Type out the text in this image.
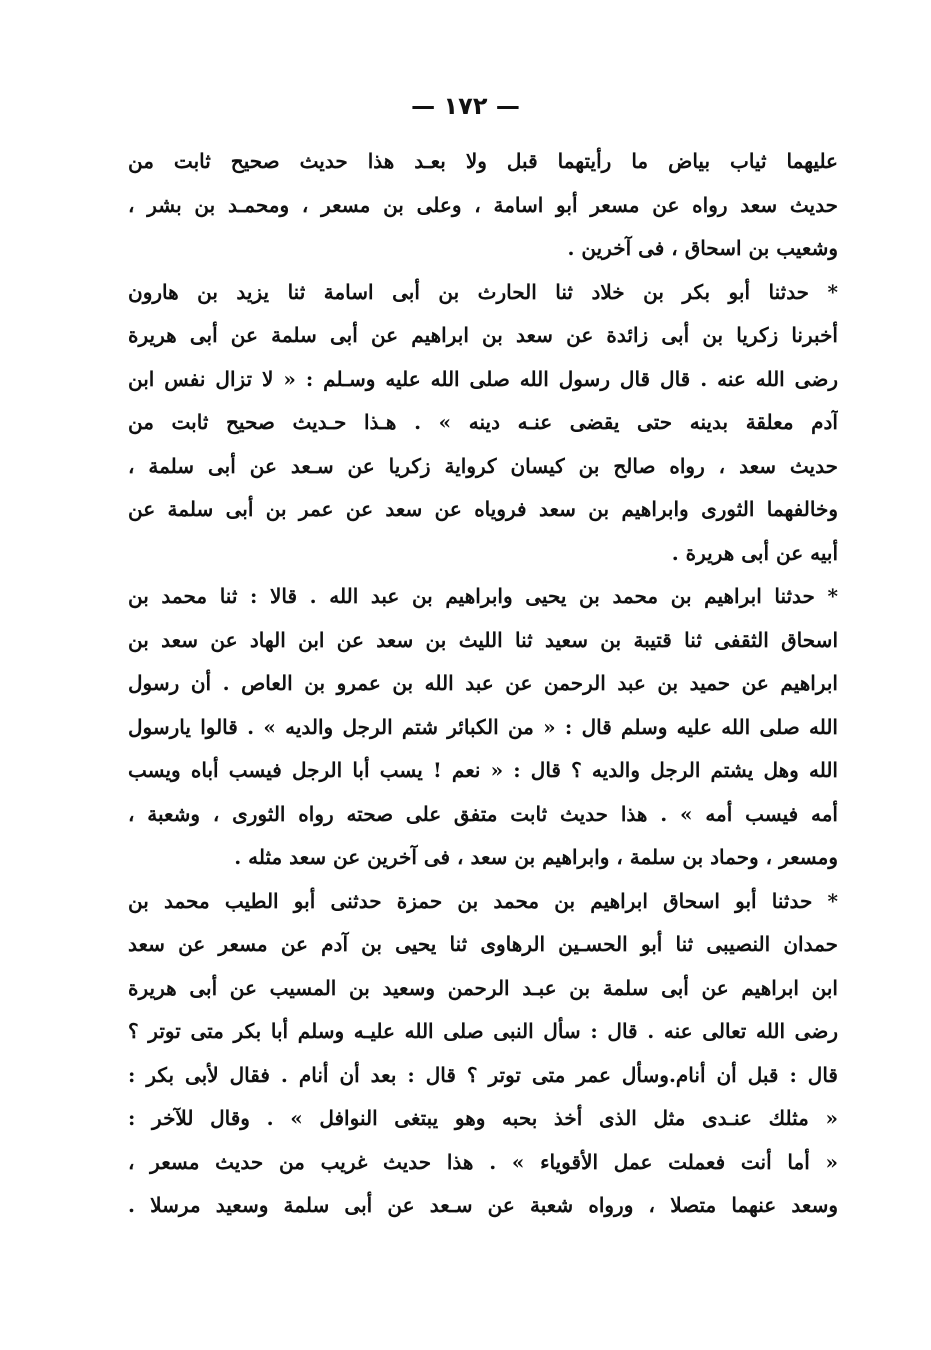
— ١٧٢ —
عليهما ثياب بياض ما رأيتهما قبل ولا بعـد هذا حديث صحيح ثابت من
حديث سعد رواه عن مسعر أبو اسامة ، وعلى بن مسعر ، ومحمـد بن بشر ،
وشعيب بن اسحاق ، فى آخرين .
* حدثنا أبو بكر بن خلاد ثنا الحارث بن أبى اسامة ثنا يزيد بن هارون
أخبرنا زكريا بن أبى زائدة عن سعد بن ابراهيم عن أبى سلمة عن أبى هريرة
رضى الله عنه . قال قال رسول الله صلى الله عليه وسـلم : « لا تزال نفس ابن
آدم معلقة بدينه حتى يقضى عنـه دينه » . هـذا حـديث صحيح ثابت من
حديث سعد ، رواه صالح بن كيسان كرواية زكريا عن سـعد عن أبى سلمة ،
وخالفهما الثورى وابراهيم بن سعد فروياه عن سعد عن عمر بن أبى سلمة عن
أبيه عن أبى هريرة .
* حدثنا ابراهيم بن محمد بن يحيى وابراهيم بن عبد الله . قالا : ثنا محمد بن
اسحاق الثقفى ثنا قتيبة بن سعيد ثنا الليث بن سعد عن ابن الهاد عن سعد بن
ابراهيم عن حميد بن عبد الرحمن عن عبد الله بن عمرو بن العاص . أن رسول
الله صلى الله عليه وسلم قال : « من الكبائر شتم الرجل والديه » . قالوا يارسول
الله وهل يشتم الرجل والديه ؟ قال : « نعم ! يسب أبا الرجل فيسب أباه ويسب
أمه فيسب أمه » . هذا حديث ثابت متفق على صحته رواه الثورى ، وشعبة ،
ومسعر ، وحماد بن سلمة ، وابراهيم بن سعد ، فى آخرين عن سعد مثله .
* حدثنا أبو اسحاق ابراهيم بن محمد بن حمزة حدثنى أبو الطيب محمد بن
حمدان النصيبى ثنا أبو الحسـين الرهاوى ثنا يحيى بن آدم عن مسعر عن سعد
ابن ابراهيم عن أبى سلمة بن عبـد الرحمن وسعيد بن المسيب عن أبى هريرة
رضى الله تعالى عنه . قال : سأل النبى صلى الله عليـه وسلم أبا بكر متى توتر ؟
قال : قبل أن أنام.وسأل عمر متى توتر ؟ قال : بعد أن أنام . فقال لأبى بكر :
« مثلك عنـدى مثل الذى أخذ بحبه وهو يبتغى النوافل » . وقال للآخر :
« أما أنت فعملت عمل الأقوياء » . هذا حديث غريب من حديث مسعر ،
وسعد عنهما متصلا ، ورواه شعبة عن سـعد عن أبى سلمة وسعيد مرسلا .
